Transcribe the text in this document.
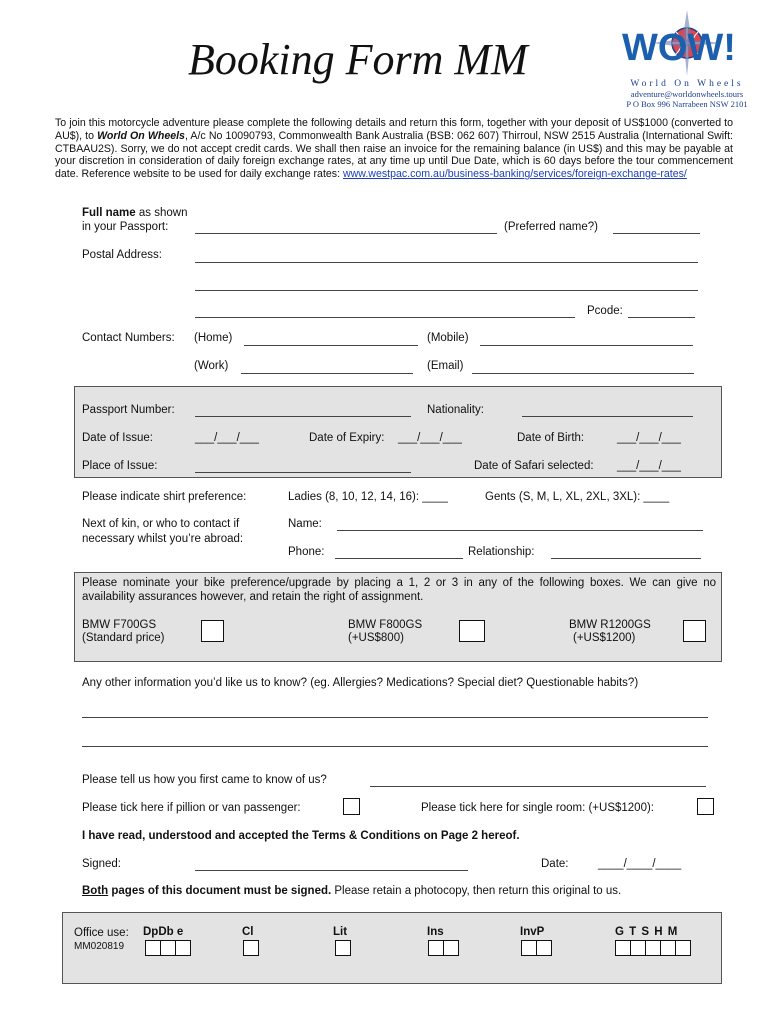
Booking Form MM WOW!
World On Wheels
adventure@worldonwheels.tours
P O Box 996 Narrabeen NSW 2101
To join this motorcycle adventure please complete the following details and return this form, together with your deposit of US$1000 (converted to AU$), to World On Wheels, A/c No 10090793, Commonwealth Bank Australia (BSB: 062 607) Thirroul, NSW 2515 Australia (International Swift: CTBAAU2S). Sorry, we do not accept credit cards. We shall then raise an invoice for the remaining balance (in US$) and this may be payable at your discretion in consideration of daily foreign exchange rates, at any time up until Due Date, which is 60 days before the tour commencement date. Reference website to be used for daily exchange rates: www.westpac.com.au/business-banking/services/foreign-exchange-rates/
Full name as shown
in your Passport:	(Preferred name?)
Postal Address:
Pcode:
Contact Numbers: (Home)	(Mobile)
(Work)	(Email)
Passport Number:	Nationality:
Date of Issue:	___/___/___	Date of Expiry: ___/___/___	Date of Birth:	___/___/___
Place of Issue:	Date of Safari selected: ___/___/___
Please indicate shirt preference:	Ladies (8, 10, 12, 14, 16): ____	Gents (S, M, L, XL, 2XL, 3XL): ____
Next of kin, or who to contact if
necessary whilst you’re abroad:
Name:
Phone:	Relationship:
Please nominate your bike preference/upgrade by placing a 1, 2 or 3 in any of the following boxes. We can give no availability assurances however, and retain the right of assignment.
BMW F700GS
(Standard price)
BMW F800GS
(+US$800)
BMW R1200GS
(+US$1200)
Any other information you’d like us to know? (eg. Allergies? Medications? Special diet? Questionable habits?)
Please tell us how you first came to know of us?
Please tick here if pillion or van passenger:	Please tick here for single room: (+US$1200):
I have read, understood and accepted the Terms & Conditions on Page 2 hereof.
Signed:	Date:	____/____/____
Both pages of this document must be signed. Please retain a photocopy, then return this original to us.
Office use:
MM020819
DpDb e	Cl	Lit	Ins	InvP	G T S H M
